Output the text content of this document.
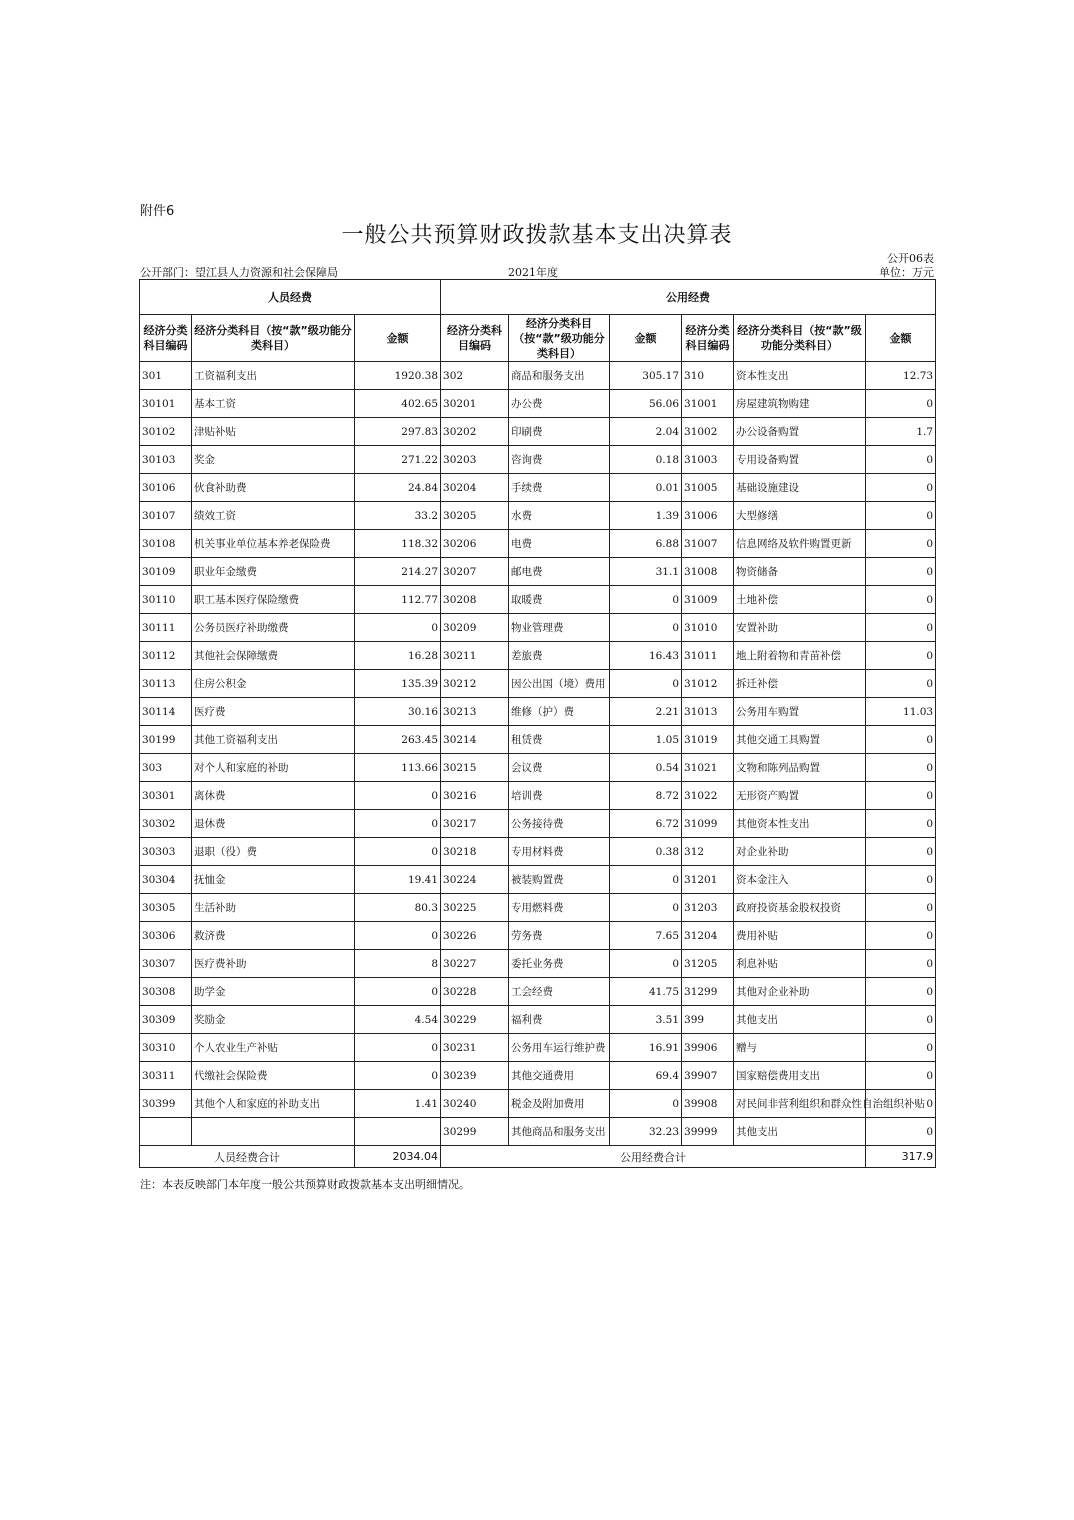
附件6
一般公共预算财政拨款基本支出决算表
公开06表
公开部门：望江县人力资源和社会保障局	2021年度	单位：万元
人员经费			公用经费					
经济分类科目编码	经济分类科目（按“款”级功能分类科目）	金额	经济分类科目编码	经济分类科目（按“款”级功能分类科目）	金额	经济分类科目编码	经济分类科目（按“款”级功能分类科目）	金额
301	工资福利支出	1920.38	302	商品和服务支出	305.17	310	资本性支出	12.73
30101	基本工资	402.65	30201	办公费	56.06	31001	房屋建筑物购建	0
30102	津贴补贴	297.83	30202	印刷费	2.04	31002	办公设备购置	1.7
30103	奖金	271.22	30203	咨询费	0.18	31003	专用设备购置	0
30106	伙食补助费	24.84	30204	手续费	0.01	31005	基础设施建设	0
30107	绩效工资	33.2	30205	水费	1.39	31006	大型修缮	0
30108	机关事业单位基本养老保险费	118.32	30206	电费	6.88	31007	信息网络及软件购置更新	0
30109	职业年金缴费	214.27	30207	邮电费	31.1	31008	物资储备	0
30110	职工基本医疗保险缴费	112.77	30208	取暖费	0	31009	土地补偿	0
30111	公务员医疗补助缴费	0	30209	物业管理费	0	31010	安置补助	0
30112	其他社会保障缴费	16.28	30211	差旅费	16.43	31011	地上附着物和青苗补偿	0
30113	住房公积金	135.39	30212	因公出国（境）费用	0	31012	拆迁补偿	0
30114	医疗费	30.16	30213	维修（护）费	2.21	31013	公务用车购置	11.03
30199	其他工资福利支出	263.45	30214	租赁费	1.05	31019	其他交通工具购置	0
303	对个人和家庭的补助	113.66	30215	会议费	0.54	31021	文物和陈列品购置	0
30301	离休费	0	30216	培训费	8.72	31022	无形资产购置	0
30302	退休费	0	30217	公务接待费	6.72	31099	其他资本性支出	0
30303	退职（役）费	0	30218	专用材料费	0.38	312	对企业补助	0
30304	抚恤金	19.41	30224	被装购置费	0	31201	资本金注入	0
30305	生活补助	80.3	30225	专用燃料费	0	31203	政府投资基金股权投资	0
30306	救济费	0	30226	劳务费	7.65	31204	费用补贴	0
30307	医疗费补助	8	30227	委托业务费	0	31205	利息补贴	0
30308	助学金	0	30228	工会经费	41.75	31299	其他对企业补助	0
30309	奖励金	4.54	30229	福利费	3.51	399	其他支出	0
30310	个人农业生产补贴	0	30231	公务用车运行维护费	16.91	39906	赠与	0
30311	代缴社会保险费	0	30239	其他交通费用	69.4	39907	国家赔偿费用支出	0
30399	其他个人和家庭的补助支出	1.41	30240	税金及附加费用	0	39908	对民间非营利组织和群众性自治组织补贴	0
			30299	其他商品和服务支出	32.23	39999	其他支出	0
人员经费合计		2034.04	公用经费合计					317.9
注：本表反映部门本年度一般公共预算财政拨款基本支出明细情况。
